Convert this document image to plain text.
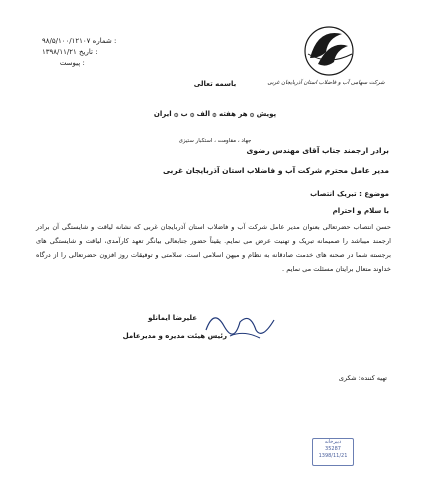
۹۸/۵/۱۰۰/۱۲۱۰۷
شماره :
۱۳۹۸/۱۱/۲۱
تاریخ :

پیوست :
شرکت سهامی آب و فاضلاب استان آذربایجان غربی
باسمه تعالی
پویش ۞ هر هفته ۞ الف ۞ ب ۞ ایران
جهاد ، مقاومت ، استکبار ستیزی
برادر ارجمند جناب آقای مهندس رضوی
مدیر عامل محترم شرکت آب و فاضلاب استان آذربایجان غربی
موضوع : تبریک انتصاب
با سلام و احترام
حسن انتصاب حضرتعالی بعنوان مدیر عامل شرکت آب و فاضلاب استان آذربایجان غربی که نشانه لیاقت و شایستگی آن برادر ارجمند میباشد را صمیمانه تبریک و تهنیت عرض می نمایم. یقیناً حضور جنابعالی بیانگر تعهد کارآمدی، لیاقت و شایستگی های برجسته شما در صحنه های خدمت صادقانه به نظام و میهن اسلامی است. سلامتی و توفیقات روز افزون حضرتعالی را از درگاه خداوند متعال برایتان مسئلت می نمایم .
علیرضا ایمانلو
رئیس هیئت مدیره و مدیرعامل
تهیه کننده: شکری
دبیرخانه
35287
1398/11/21
